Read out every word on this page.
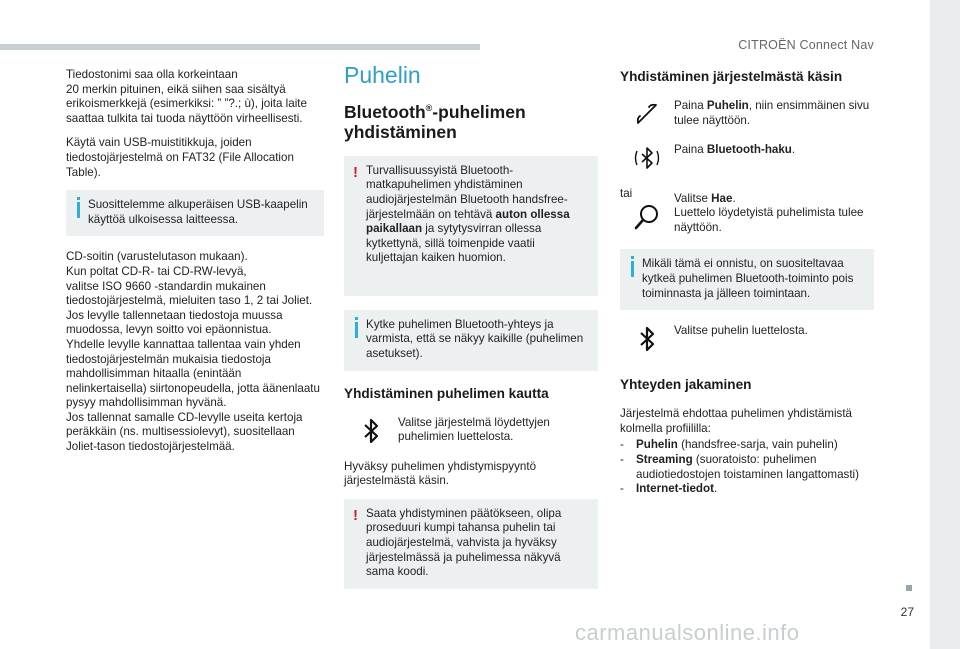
CITROËN Connect Nav

Tiedostonimi saa olla korkeintaan
20 merkin pituinen, eikä siihen saa sisältyä erikoismerkkejä (esimerkiksi: ” ”?.; ù), joita laite saattaa tulkita tai tuoda näyttöön virheellisesti.

Käytä vain USB-muistitikkuja, joiden tiedostojärjestelmä on FAT32 (File Allocation Table).

Suosittelemme alkuperäisen USB-kaapelin käyttöä ulkoisessa laitteessa.

CD-soitin (varustelutason mukaan).
Kun poltat CD-R- tai CD-RW-levyä,
valitse ISO 9660 -standardin mukainen tiedostojärjestelmä, mieluiten taso 1, 2 tai Joliet.
Jos levylle tallennetaan tiedostoja muussa muodossa, levyn soitto voi epäonnistua.
Yhdelle levylle kannattaa tallentaa vain yhden tiedostojärjestelmän mukaisia tiedostoja mahdollisimman hitaalla (enintään nelinkertaisella) siirtonopeudella, jotta äänenlaatu pysyy mahdollisimman hyvänä.
Jos tallennat samalle CD-levylle useita kertoja peräkkäin (ns. multisessiolevyt), suositellaan Joliet-tason tiedostojärjestelmää.

Puhelin
Bluetooth®-puhelimen yhdistäminen
! Turvallisuussyistä Bluetooth-matkapuhelimen yhdistäminen audiojärjestelmän Bluetooth handsfree-järjestelmään on tehtävä auton ollessa paikallaan ja sytytysvirran ollessa kytkettynä, sillä toimenpide vaatii kuljettajan kaiken huomion.
Kytke puhelimen Bluetooth-yhteys ja varmista, että se näkyy kaikille (puhelimen asetukset).
Yhdistäminen puhelimen kautta
Valitse järjestelmä löydettyjen puhelimien luettelosta.

Hyväksy puhelimen yhdistymispyyntö järjestelmästä käsin.

! Saata yhdistyminen päätökseen, olipa proseduuri kumpi tahansa puhelin tai audiojärjestelmä, vahvista ja hyväksy järjestelmässä ja puhelimessa näkyvä sama koodi.
Yhdistäminen järjestelmästä käsin
Paina Puhelin, niin ensimmäinen sivu tulee näyttöön.
Paina Bluetooth-haku.

tai	Valitse Hae.
Luettelo löydetyistä puhelimista tulee näyttöön.
Mikäli tämä ei onnistu, on suositeltavaa kytkeä puhelimen Bluetooth-toiminto pois toiminnasta ja jälleen toimintaan.
Valitse puhelin luettelosta.
Yhteyden jakaminen

Järjestelmä ehdottaa puhelimen yhdistämistä kolmella profiililla:

- Puhelin (handsfree-sarja, vain puhelin)
- Streaming (suoratoisto: puhelimen audiotiedostojen toistaminen langattomasti)
- Internet-tiedot.
27
carmanualsonline.info
